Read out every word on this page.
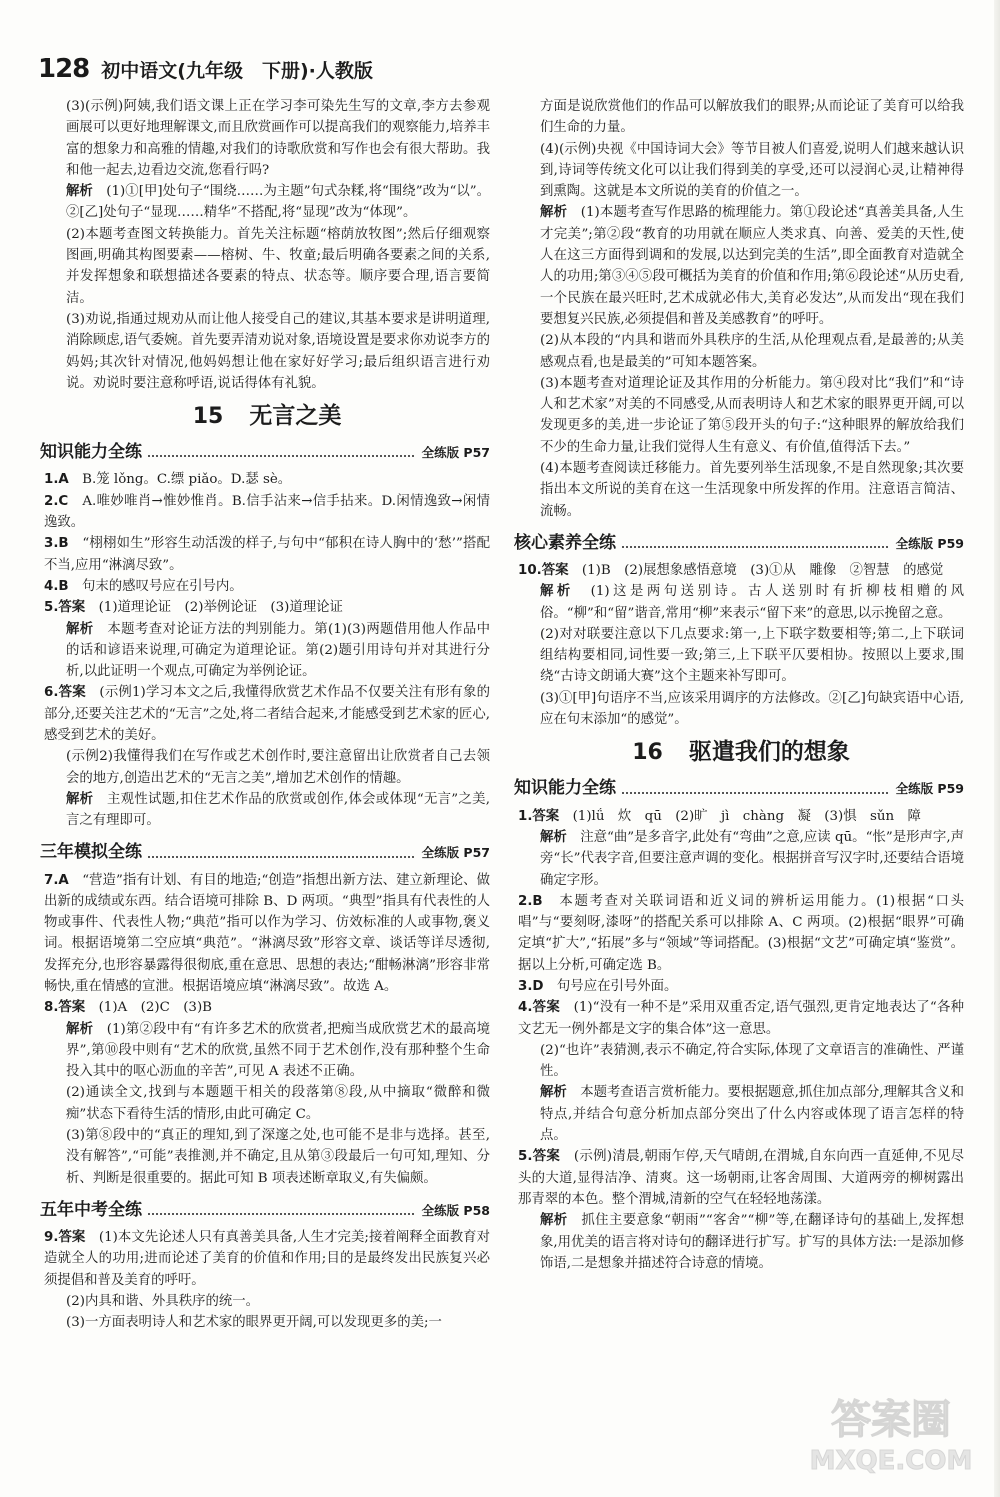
128 初中语文(九年级　下册)·人教版

(3)(示例)阿姨,我们语文课上正在学习李可染先生写的文章,李方去参观画展可以更好地理解课文,而且欣赏画作可以提高我们的观察能力,培养丰富的想象力和高雅的情趣,对我们的诗歌欣赏和写作也会有很大帮助。我和他一起去,边看边交流,您看行吗?

解析　 (1)①[甲]处句子“围绕……为主题”句式杂糅,将“围绕”改为“以”。②[乙]处句子“显现……精华”不搭配,将“显现”改为“体现”。

(2)本题考查图文转换能力。首先关注标题“榕荫放牧图”;然后仔细观察图画,明确其构图要素——榕树、牛、牧童;最后明确各要素之间的关系,并发挥想象和联想描述各要素的特点、状态等。顺序要合理,语言要简洁。

(3)劝说,指通过规劝从而让他人接受自己的建议,其基本要求是讲明道理,消除顾虑,语气委婉。首先要弄清劝说对象,语境设置是要求你劝说李方的妈妈;其次针对情况,他妈妈想让他在家好好学习;最后组织语言进行劝说。劝说时要注意称呼语,说话得体有礼貌。

15 无言之美
知识能力全练	全练版 P57

1.A　 B.笼 lǒng。C.缥 piǎo。D.瑟 sè。

2.C　 A.唯妙唯肖→惟妙惟肖。B.信手沾来→信手拈来。D.闲情逸致→闲情逸致。

3.B　 “栩栩如生”形容生动活泼的样子,与句中“郁积在诗人胸中的‘愁’”搭配不当,应用“淋漓尽致”。

4.B　 句末的感叹号应在引号内。

5.答案　 (1)道理论证　(2)举例论证　(3)道理论证

解析　 本题考查对论证方法的判别能力。第(1)(3)两题借用他人作品中的话和谚语来说理,可确定为道理论证。第(2)题引用诗句并对其进行分析,以此证明一个观点,可确定为举例论证。

6.答案　 (示例1)学习本文之后,我懂得欣赏艺术作品不仅要关注有形有象的部分,还要关注艺术的“无言”之处,将二者结合起来,才能感受到艺术家的匠心,感受到艺术的美好。

(示例2)我懂得我们在写作或艺术创作时,要注意留出让欣赏者自己去领会的地方,创造出艺术的“无言之美”,增加艺术创作的情趣。

解析　 主观性试题,扣住艺术作品的欣赏或创作,体会或体现“无言”之美,言之有理即可。

三年模拟全练	全练版 P57

7.A　 “营造”指有计划、有目的地造;“创造”指想出新方法、建立新理论、做出新的成绩或东西。结合语境可排除 B、D 两项。“典型”指具有代表性的人物或事件、代表性人物;“典范”指可以作为学习、仿效标准的人或事物,褒义词。根据语境第二空应填“典范”。“淋漓尽致”形容文章、谈话等详尽透彻,发挥充分,也形容暴露得很彻底,重在意思、思想的表达;“酣畅淋漓”形容非常畅快,重在情感的宣泄。根据语境应填“淋漓尽致”。故选 A。

8.答案　 (1)A　(2)C　(3)B

解析　 (1)第②段中有“有许多艺术的欣赏者,把痴当成欣赏艺术的最高境界”,第⑩段中则有“艺术的欣赏,虽然不同于艺术创作,没有那种整个生命投入其中的呕心沥血的辛苦”,可见 A 表述不正确。

(2)通读全文,找到与本题题干相关的段落第⑧段,从中摘取“微醉和微痴”状态下看待生活的情形,由此可确定 C。

(3)第⑧段中的“真正的理知,到了深邃之处,也可能不是非与选择。甚至,没有解答”,“可能”表推测,并不确定,且从第③段最后一句可知,理知、分析、判断是很重要的。据此可知 B 项表述断章取义,有失偏颇。

五年中考全练	全练版 P58

9.答案　 (1)本文先论述人只有真善美具备,人生才完美;接着阐释全面教育对造就全人的功用;进而论述了美育的价值和作用;目的是最终发出民族复兴必须提倡和普及美育的呼吁。

(2)内具和谐、外具秩序的统一。

(3)一方面表明诗人和艺术家的眼界更开阔,可以发现更多的美;一

方面是说欣赏他们的作品可以解放我们的眼界;从而论证了美育可以给我们生命的力量。

(4)(示例)央视《中国诗词大会》等节目被人们喜爱,说明人们越来越认识到,诗词等传统文化可以让我们得到美的享受,还可以浸润心灵,让精神得到熏陶。这就是本文所说的美育的价值之一。

解析　 (1)本题考查写作思路的梳理能力。第①段论述“真善美具备,人生才完美”;第②段“教育的功用就在顺应人类求真、向善、爱美的天性,使人在这三方面得到调和的发展,以达到完美的生活”,即全面教育对造就全人的功用;第③④⑤段可概括为美育的价值和作用;第⑥段论述“从历史看,一个民族在最兴旺时,艺术成就必伟大,美育必发达”,从而发出“现在我们要想复兴民族,必须提倡和普及美感教育”的呼吁。

(2)从本段的“内具和谐而外具秩序的生活,从伦理观点看,是最善的;从美感观点看,也是最美的”可知本题答案。

(3)本题考查对道理论证及其作用的分析能力。第④段对比“我们”和“诗人和艺术家”对美的不同感受,从而表明诗人和艺术家的眼界更开阔,可以发现更多的美,进一步论证了第⑤段开头的句子:“这种眼界的解放给我们不少的生命力量,让我们觉得人生有意义、有价值,值得活下去。”

(4)本题考查阅读迁移能力。首先要列举生活现象,不是自然现象;其次要指出本文所说的美育在这一生活现象中所发挥的作用。注意语言简洁、流畅。

核心素养全练	全练版 P59

10.答案　 (1)B　(2)展想象感悟意境　(3)①从　雕像　②智慧　的感觉

解析　 (1)这是两句送别诗。古人送别时有折柳枝相赠的风俗。“柳”和“留”谐音,常用“柳”来表示“留下来”的意思,以示挽留之意。

(2)对对联要注意以下几点要求:第一,上下联字数要相等;第二,上下联词组结构要相同,词性要一致;第三,上下联平仄要相协。按照以上要求,围绕“古诗文朗诵大赛”这个主题来补写即可。

(3)①[甲]句语序不当,应该采用调序的方法修改。②[乙]句缺宾语中心语,应在句末添加“的感觉”。

16 驱遣我们的想象
知识能力全练	全练版 P59

1.答案　 (1)lǘ　炊　qū　(2)旷　jì　chàng　凝　(3)惧　sǔn　障

解析　 注意“曲”是多音字,此处有“弯曲”之意,应读 qū。“怅”是形声字,声旁“长”代表字音,但要注意声调的变化。根据拼音写汉字时,还要结合语境确定字形。

2.B　 本题考查对关联词语和近义词的辨析运用能力。(1)根据“口头唱”与“要刻呀,漆呀”的搭配关系可以排除 A、C 两项。(2)根据“眼界”可确定填“扩大”,“拓展”多与“领域”等词搭配。(3)根据“文艺”可确定填“鉴赏”。据以上分析,可确定选 B。

3.D　 句号应在引号外面。

4.答案　 (1)“没有一种不是”采用双重否定,语气强烈,更肯定地表达了“各种文艺无一例外都是文字的集合体”这一意思。

(2)“也许”表猜测,表示不确定,符合实际,体现了文章语言的准确性、严谨性。

解析　 本题考查语言赏析能力。要根据题意,抓住加点部分,理解其含义和特点,并结合句意分析加点部分突出了什么内容或体现了语言怎样的特点。

5.答案　 (示例)清晨,朝雨乍停,天气晴朗,在渭城,自东向西一直延伸,不见尽头的大道,显得洁净、清爽。这一场朝雨,让客舍周围、大道两旁的柳树露出那青翠的本色。整个渭城,清新的空气在轻轻地荡漾。

解析　 抓住主要意象“朝雨”“客舍”“柳”等,在翻译诗句的基础上,发挥想象,用优美的语言将对诗句的翻译进行扩写。扩写的具体方法:一是添加修饰语,二是想象并描述符合诗意的情境。

答案圈
MXQE.COM
